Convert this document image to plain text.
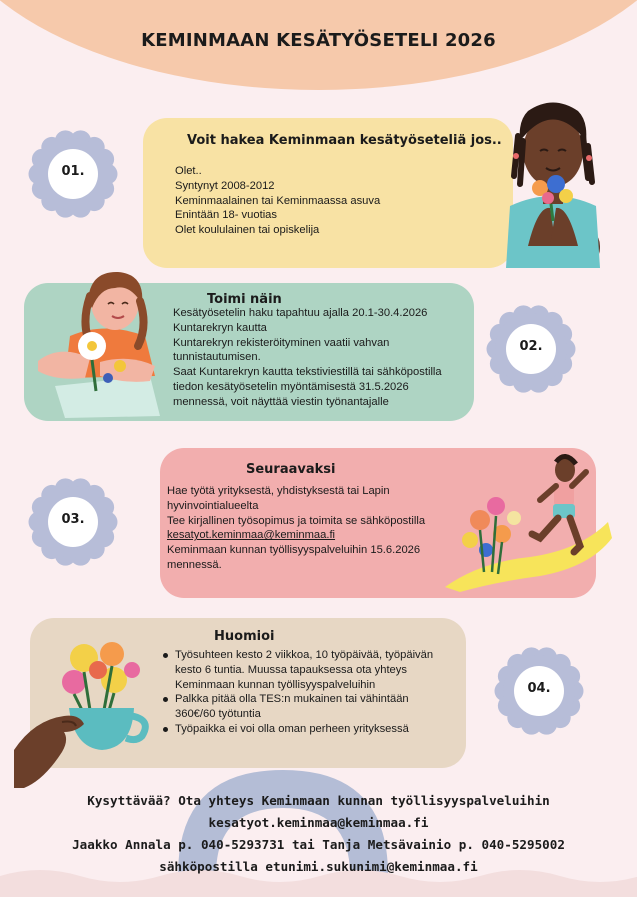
KEMINMAAN KESÄTYÖSETELI 2026
Voit hakea Keminmaan kesätyöseteliä jos..
Olet..
Syntynyt 2008-2012
Keminmaalainen tai Keminmaassa asuva
Enintään 18- vuotias
Olet koululainen tai opiskelija
01.
Toimi näin
Kesätyösetelin haku tapahtuu ajalla 20.1-30.4.2026
Kuntarekryn kautta
Kuntarekryn rekisteröityminen vaatii vahvan
tunnistautumisen.
Saat Kuntarekryn kautta tekstiviestillä tai sähköpostilla
tiedon kesätyösetelin myöntämisestä 31.5.2026
mennessä, voit näyttää viestin työnantajalle
02.
Seuraavaksi
Hae työtä yrityksestä, yhdistyksestä tai Lapin
hyvinvointialueelta
Tee kirjallinen työsopimus ja toimita se sähköpostilla
kesatyot.keminmaa@keminmaa.fi
Keminmaan kunnan työllisyyspalveluihin 15.6.2026
mennessä.
03.
Huomioi
Työsuhteen kesto 2 viikkoa, 10 työpäivää, työpäivän
kesto 6 tuntia. Muussa tapauksessa ota yhteys
Keminmaan kunnan työllisyyspalveluihin
Palkka pitää olla TES:n mukainen tai vähintään
360€/60 työtuntia
Työpaikka ei voi olla oman perheen yrityksessä
04.
Kysyttävää? Ota yhteys Keminmaan kunnan työllisyyspalveluihin
kesatyot.keminmaa@keminmaa.fi
Jaakko Annala p. 040-5293731 tai Tanja Metsävainio p. 040-5295002
sähköpostilla etunimi.sukunimi@keminmaa.fi
